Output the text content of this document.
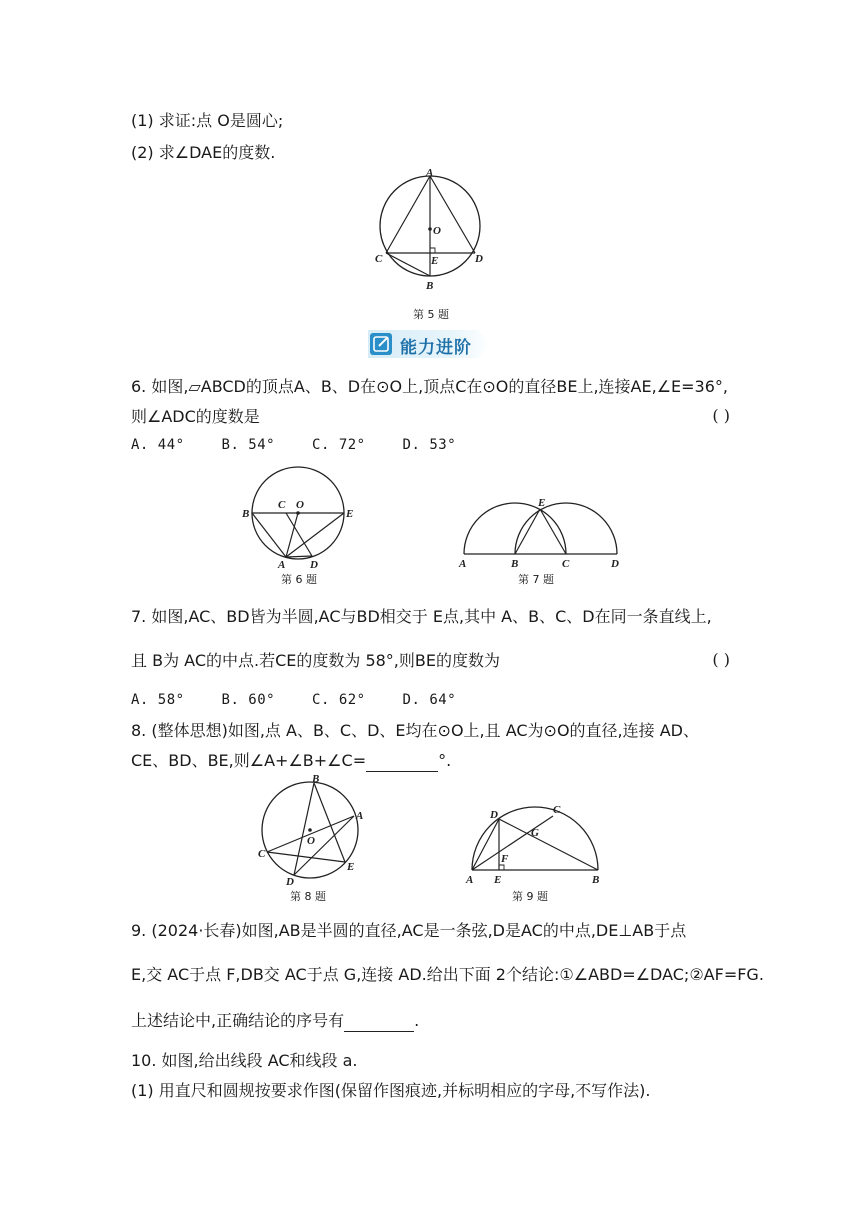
(1) 求证:点 O是圆心;
(2) 求∠DAE的度数.
A
O
C	E	D
B
第 5 题
能力进阶
6. 如图,▱ABCD的顶点A、B、D在⊙O上,顶点C在⊙O的直径BE上,连接AE,∠E=36°,
则∠ADC的度数是	( )
A. 44°	B. 54°	C. 72°	D. 53°
B
C O
E
A D
第 6 题
E
A	B	C	D
第 7 题
7. 如图,AC、BD皆为半圆,AC与BD相交于 E点,其中 A、B、C、D在同一条直线上,
且 B为 AC的中点.若CE的度数为 58°,则BE的度数为	( )
A. 58°	B. 60°	C. 62°	D. 64°
8. (整体思想)如图,点 A、B、C、D、E均在⊙O上,且 AC为⊙O的直径,连接 AD、
CE、BD、BE,则∠A+∠B+∠C=	°.
B
A
O
C
E
D
第 8 题
C
D
G
F
A E	B
第 9 题
9. (2024·长春)如图,AB是半圆的直径,AC是一条弦,D是AC的中点,DE⊥AB于点
E,交 AC于点 F,DB交 AC于点 G,连接 AD.给出下面 2个结论:①∠ABD=∠DAC;②AF=FG.
上述结论中,正确结论的序号有	.
10. 如图,给出线段 AC和线段 a.
(1) 用直尺和圆规按要求作图(保留作图痕迹,并标明相应的字母,不写作法).
